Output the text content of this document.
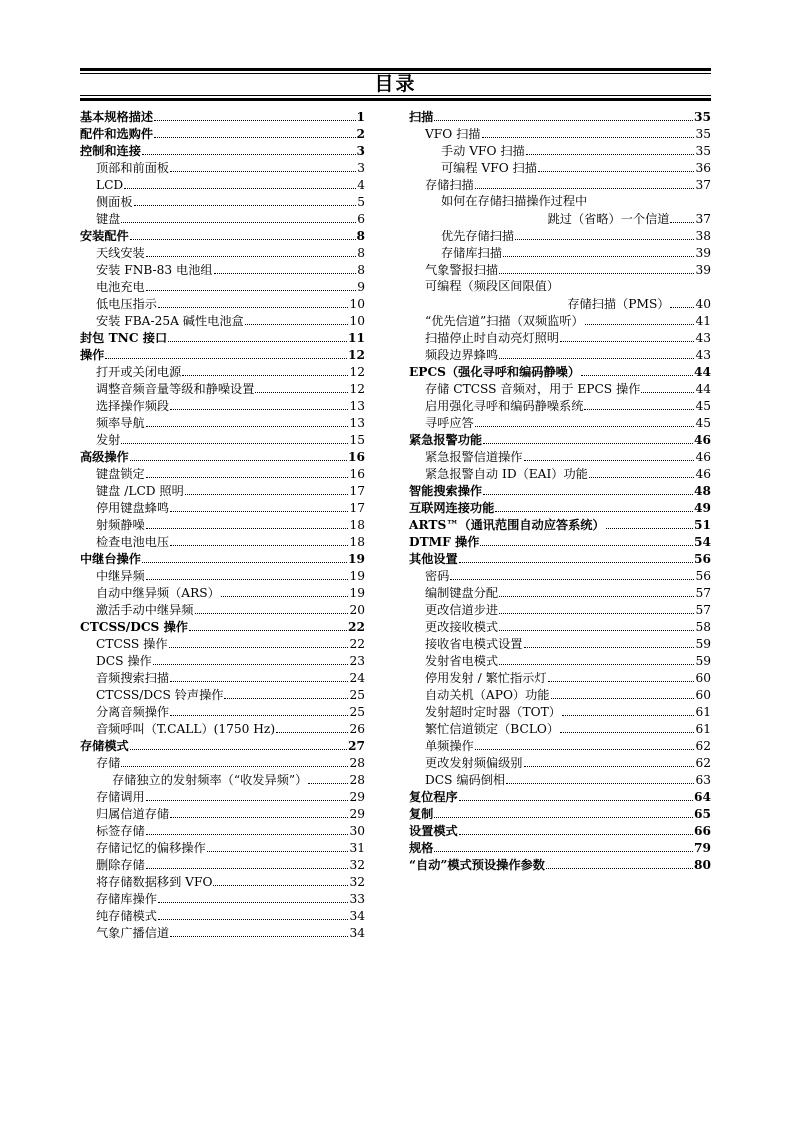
目录
基本规格描述	1
配件和选购件	2
控制和连接	3
顶部和前面板	3
LCD	4
侧面板	5
键盘	6
安装配件	8
天线安装	8
安装 FNB-83 电池组	8
电池充电	9
低电压指示	10
安装 FBA-25A 碱性电池盒	10
封包 TNC 接口	11
操作	12
打开或关闭电源	12
调整音频音量等级和静噪设置	12
选择操作频段	13
频率导航	13
发射	15
高级操作	16
键盘锁定	16
键盘 /LCD 照明	17
停用键盘蜂鸣	17
射频静噪	18
检查电池电压	18
中继台操作	19
中继异频	19
自动中继异频（ARS）	19
激活手动中继异频	20
CTCSS/DCS 操作	22
CTCSS 操作	22
DCS 操作	23
音频搜索扫描	24
CTCSS/DCS 铃声操作	25
分离音频操作	25
音频呼叫（T.CALL）(1750 Hz)	26
存储模式	27
存储	28
存储独立的发射频率（“收发异频”）	28
存储调用	29
归属信道存储	29
标签存储	30
存储记忆的偏移操作	31
删除存储	32
将存储数据移到 VFO	32
存储库操作	33
纯存储模式	34
气象广播信道	34
扫描	35
VFO 扫描	35
手动 VFO 扫描	35
可编程 VFO 扫描	36
存储扫描	37
如何在存储扫描操作过程中
跳过（省略）一个信道 37
优先存储扫描	38
存储库扫描	39
气象警报扫描	39
可编程（频段区间限值）
存储扫描（PMS） 40
“优先信道”扫描（双频监听）	41
扫描停止时自动亮灯照明	43
频段边界蜂鸣	43
EPCS（强化寻呼和编码静噪）	44
存储 CTCSS 音频对，用于 EPCS 操作	44
启用强化寻呼和编码静噪系统	45
寻呼应答	45
紧急报警功能	46
紧急报警信道操作	46
紧急报警自动 ID（EAI）功能	46
智能搜索操作	48
互联网连接功能	49
ARTS™（通讯范围自动应答系统）	51
DTMF 操作	54
其他设置	56
密码	56
编制键盘分配	57
更改信道步进	57
更改接收模式	58
接收省电模式设置	59
发射省电模式	59
停用发射 / 繁忙指示灯	60
自动关机（APO）功能	60
发射超时定时器（TOT）	61
繁忙信道锁定（BCLO）	61
单频操作	62
更改发射频偏级别	62
DCS 编码倒相	63
复位程序	64
复制	65
设置模式	66
规格	79
“自动”模式预设操作参数	80
